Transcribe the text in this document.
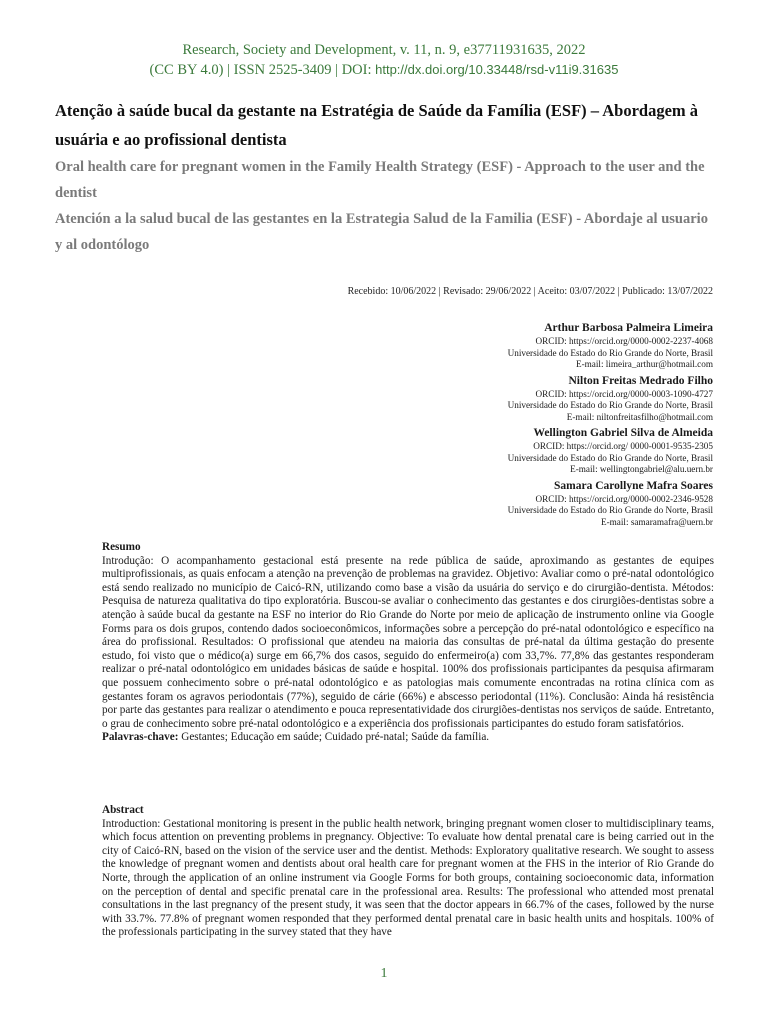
Research, Society and Development, v. 11, n. 9, e37711931635, 2022
(CC BY 4.0) | ISSN 2525-3409 | DOI: http://dx.doi.org/10.33448/rsd-v11i9.31635
Atenção à saúde bucal da gestante na Estratégia de Saúde da Família (ESF) – Abordagem à usuária e ao profissional dentista
Oral health care for pregnant women in the Family Health Strategy (ESF) - Approach to the user and the dentist
Atención a la salud bucal de las gestantes en la Estrategia Salud de la Familia (ESF) - Abordaje al usuario y al odontólogo
Recebido: 10/06/2022 | Revisado: 29/06/2022 | Aceito: 03/07/2022 | Publicado: 13/07/2022
Arthur Barbosa Palmeira Limeira
ORCID: https://orcid.org/0000-0002-2237-4068
Universidade do Estado do Rio Grande do Norte, Brasil
E-mail: limeira_arthur@hotmail.com
Nilton Freitas Medrado Filho
ORCID: https://orcid.org/0000-0003-1090-4727
Universidade do Estado do Rio Grande do Norte, Brasil
E-mail: niltonfreitasfilho@hotmail.com
Wellington Gabriel Silva de Almeida
ORCID: https://orcid.org/ 0000-0001-9535-2305
Universidade do Estado do Rio Grande do Norte, Brasil
E-mail: wellingtongabriel@alu.uern.br
Samara Carollyne Mafra Soares
ORCID: https://orcid.org/0000-0002-2346-9528
Universidade do Estado do Rio Grande do Norte, Brasil
E-mail: samaramafra@uern.br
Resumo

Introdução: O acompanhamento gestacional está presente na rede pública de saúde, aproximando as gestantes de equipes multiprofissionais, as quais enfocam a atenção na prevenção de problemas na gravidez. Objetivo: Avaliar como o pré-natal odontológico está sendo realizado no município de Caicó-RN, utilizando como base a visão da usuária do serviço e do cirurgião-dentista. Métodos: Pesquisa de natureza qualitativa do tipo exploratória. Buscou-se avaliar o conhecimento das gestantes e dos cirurgiões-dentistas sobre a atenção à saúde bucal da gestante na ESF no interior do Rio Grande do Norte por meio de aplicação de instrumento online via Google Forms para os dois grupos, contendo dados socioeconômicos, informações sobre a percepção do pré-natal odontológico e específico na área do profissional. Resultados: O profissional que atendeu na maioria das consultas de pré-natal da última gestação do presente estudo, foi visto que o médico(a) surge em 66,7% dos casos, seguido do enfermeiro(a) com 33,7%. 77,8% das gestantes responderam realizar o pré-natal odontológico em unidades básicas de saúde e hospital. 100% dos profissionais participantes da pesquisa afirmaram que possuem conhecimento sobre o pré-natal odontológico e as patologias mais comumente encontradas na rotina clínica com as gestantes foram os agravos periodontais (77%), seguido de cárie (66%) e abscesso periodontal (11%). Conclusão: Ainda há resistência por parte das gestantes para realizar o atendimento e pouca representatividade dos cirurgiões-dentistas nos serviços de saúde. Entretanto, o grau de conhecimento sobre pré-natal odontológico e a experiência dos profissionais participantes do estudo foram satisfatórios.

Palavras-chave: Gestantes; Educação em saúde; Cuidado pré-natal; Saúde da família.

Abstract

Introduction: Gestational monitoring is present in the public health network, bringing pregnant women closer to multidisciplinary teams, which focus attention on preventing problems in pregnancy. Objective: To evaluate how dental prenatal care is being carried out in the city of Caicó-RN, based on the vision of the service user and the dentist. Methods: Exploratory qualitative research. We sought to assess the knowledge of pregnant women and dentists about oral health care for pregnant women at the FHS in the interior of Rio Grande do Norte, through the application of an online instrument via Google Forms for both groups, containing socioeconomic data, information on the perception of dental and specific prenatal care in the professional area. Results: The professional who attended most prenatal consultations in the last pregnancy of the present study, it was seen that the doctor appears in 66.7% of the cases, followed by the nurse with 33.7%. 77.8% of pregnant women responded that they performed dental prenatal care in basic health units and hospitals. 100% of the professionals participating in the survey stated that they have

1
